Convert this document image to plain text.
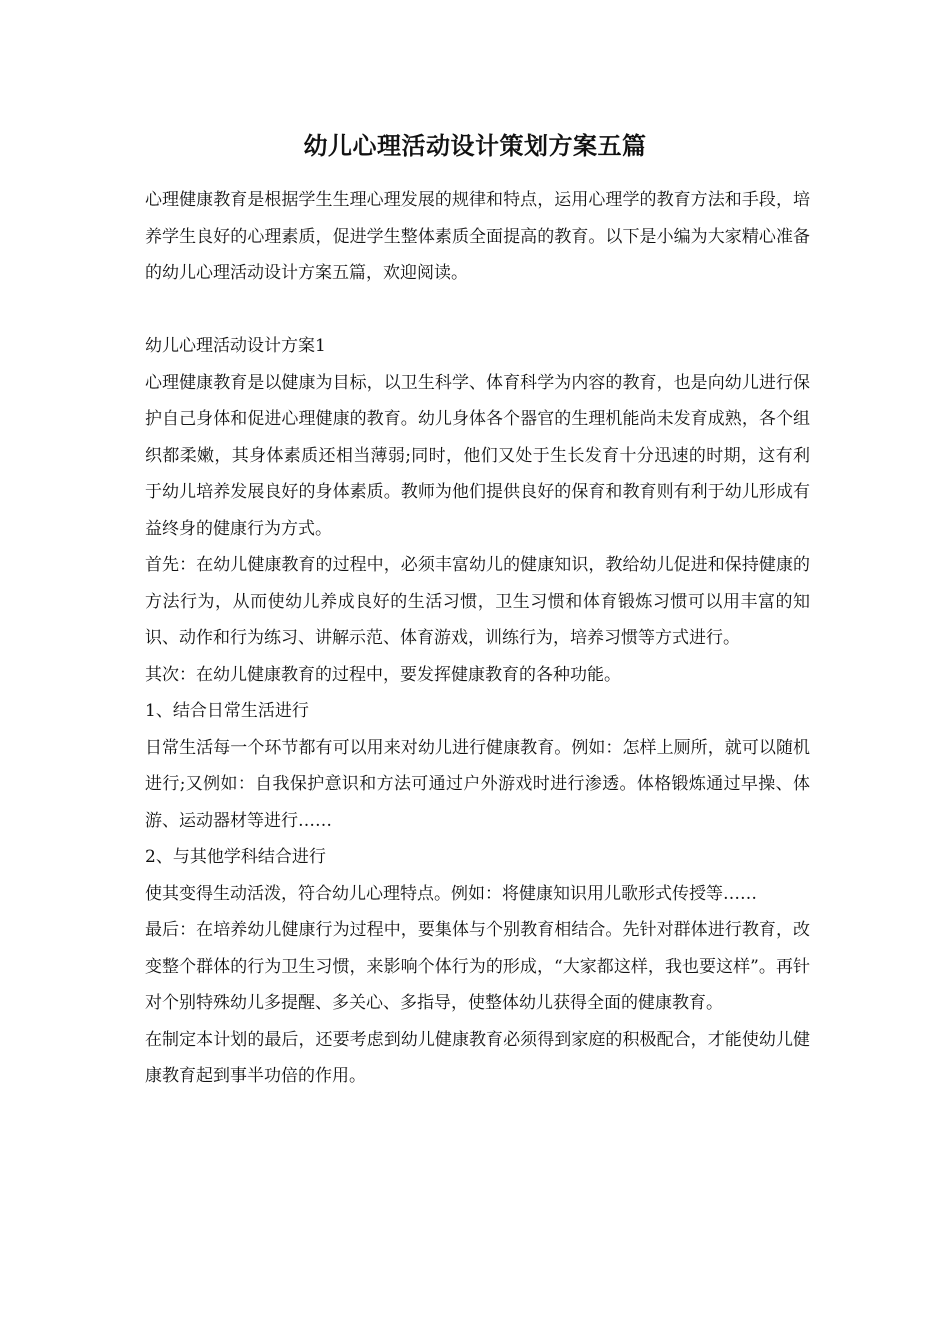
幼儿心理活动设计策划方案五篇

心理健康教育是根据学生生理心理发展的规律和特点，运用心理学的教育方法和手段，培养学生良好的心理素质，促进学生整体素质全面提高的教育。以下是小编为大家精心准备的幼儿心理活动设计方案五篇，欢迎阅读。

幼儿心理活动设计方案1

心理健康教育是以健康为目标，以卫生科学、体育科学为内容的教育，也是向幼儿进行保护自己身体和促进心理健康的教育。幼儿身体各个器官的生理机能尚未发育成熟，各个组织都柔嫩，其身体素质还相当薄弱;同时，他们又处于生长发育十分迅速的时期，这有利于幼儿培养发展良好的身体素质。教师为他们提供良好的保育和教育则有利于幼儿形成有益终身的健康行为方式。

首先：在幼儿健康教育的过程中，必须丰富幼儿的健康知识，教给幼儿促进和保持健康的方法行为，从而使幼儿养成良好的生活习惯，卫生习惯和体育锻炼习惯可以用丰富的知识、动作和行为练习、讲解示范、体育游戏，训练行为，培养习惯等方式进行。

其次：在幼儿健康教育的过程中，要发挥健康教育的各种功能。

1、结合日常生活进行

日常生活每一个环节都有可以用来对幼儿进行健康教育。例如：怎样上厕所，就可以随机进行;又例如：自我保护意识和方法可通过户外游戏时进行渗透。体格锻炼通过早操、体游、运动器材等进行……

2、与其他学科结合进行

使其变得生动活泼，符合幼儿心理特点。例如：将健康知识用儿歌形式传授等……

最后：在培养幼儿健康行为过程中，要集体与个别教育相结合。先针对群体进行教育，改变整个群体的行为卫生习惯，来影响个体行为的形成，“大家都这样，我也要这样”。再针对个别特殊幼儿多提醒、多关心、多指导，使整体幼儿获得全面的健康教育。

在制定本计划的最后，还要考虑到幼儿健康教育必须得到家庭的积极配合，才能使幼儿健康教育起到事半功倍的作用。
